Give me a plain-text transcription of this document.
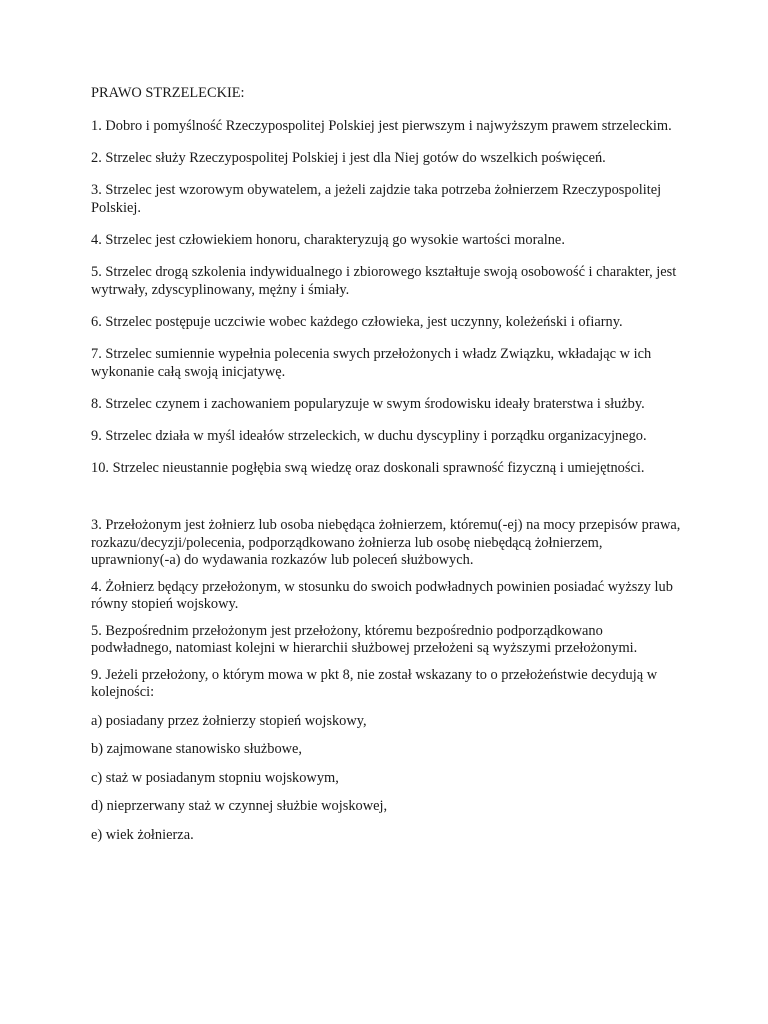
PRAWO STRZELECKIE:

1. Dobro i pomyślność Rzeczypospolitej Polskiej jest pierwszym i najwyższym prawem strzeleckim.

2. Strzelec służy Rzeczypospolitej Polskiej i jest dla Niej gotów do wszelkich poświęceń.

3. Strzelec jest wzorowym obywatelem, a jeżeli zajdzie taka potrzeba żołnierzem Rzeczypospolitej Polskiej.

4. Strzelec jest człowiekiem honoru, charakteryzują go wysokie wartości moralne.

5. Strzelec drogą szkolenia indywidualnego i zbiorowego kształtuje swoją osobowość i charakter, jest wytrwały, zdyscyplinowany, mężny i śmiały.

6. Strzelec postępuje uczciwie wobec każdego człowieka, jest uczynny, koleżeński i ofiarny.

7. Strzelec sumiennie wypełnia polecenia swych przełożonych i władz Związku, wkładając w ich wykonanie całą swoją inicjatywę.

8. Strzelec czynem i zachowaniem popularyzuje w swym środowisku ideały braterstwa i służby.

9. Strzelec działa w myśl ideałów strzeleckich, w duchu dyscypliny i porządku organizacyjnego.

10. Strzelec nieustannie pogłębia swą wiedzę oraz doskonali sprawność fizyczną i umiejętności.

3. Przełożonym jest żołnierz lub osoba niebędąca żołnierzem, któremu(-ej) na mocy przepisów prawa, rozkazu/decyzji/polecenia, podporządkowano żołnierza lub osobę niebędącą żołnierzem, uprawniony(-a) do wydawania rozkazów lub poleceń służbowych.

4. Żołnierz będący przełożonym, w stosunku do swoich podwładnych powinien posiadać wyższy lub równy stopień wojskowy.

5. Bezpośrednim przełożonym jest przełożony, któremu bezpośrednio podporządkowano podwładnego, natomiast kolejni w hierarchii służbowej przełożeni są wyższymi przełożonymi.

9. Jeżeli przełożony, o którym mowa w pkt 8, nie został wskazany to o przełożeństwie decydują w kolejności:

a) posiadany przez żołnierzy stopień wojskowy,

b) zajmowane stanowisko służbowe,

c) staż w posiadanym stopniu wojskowym,

d) nieprzerwany staż w czynnej służbie wojskowej,

e) wiek żołnierza.
